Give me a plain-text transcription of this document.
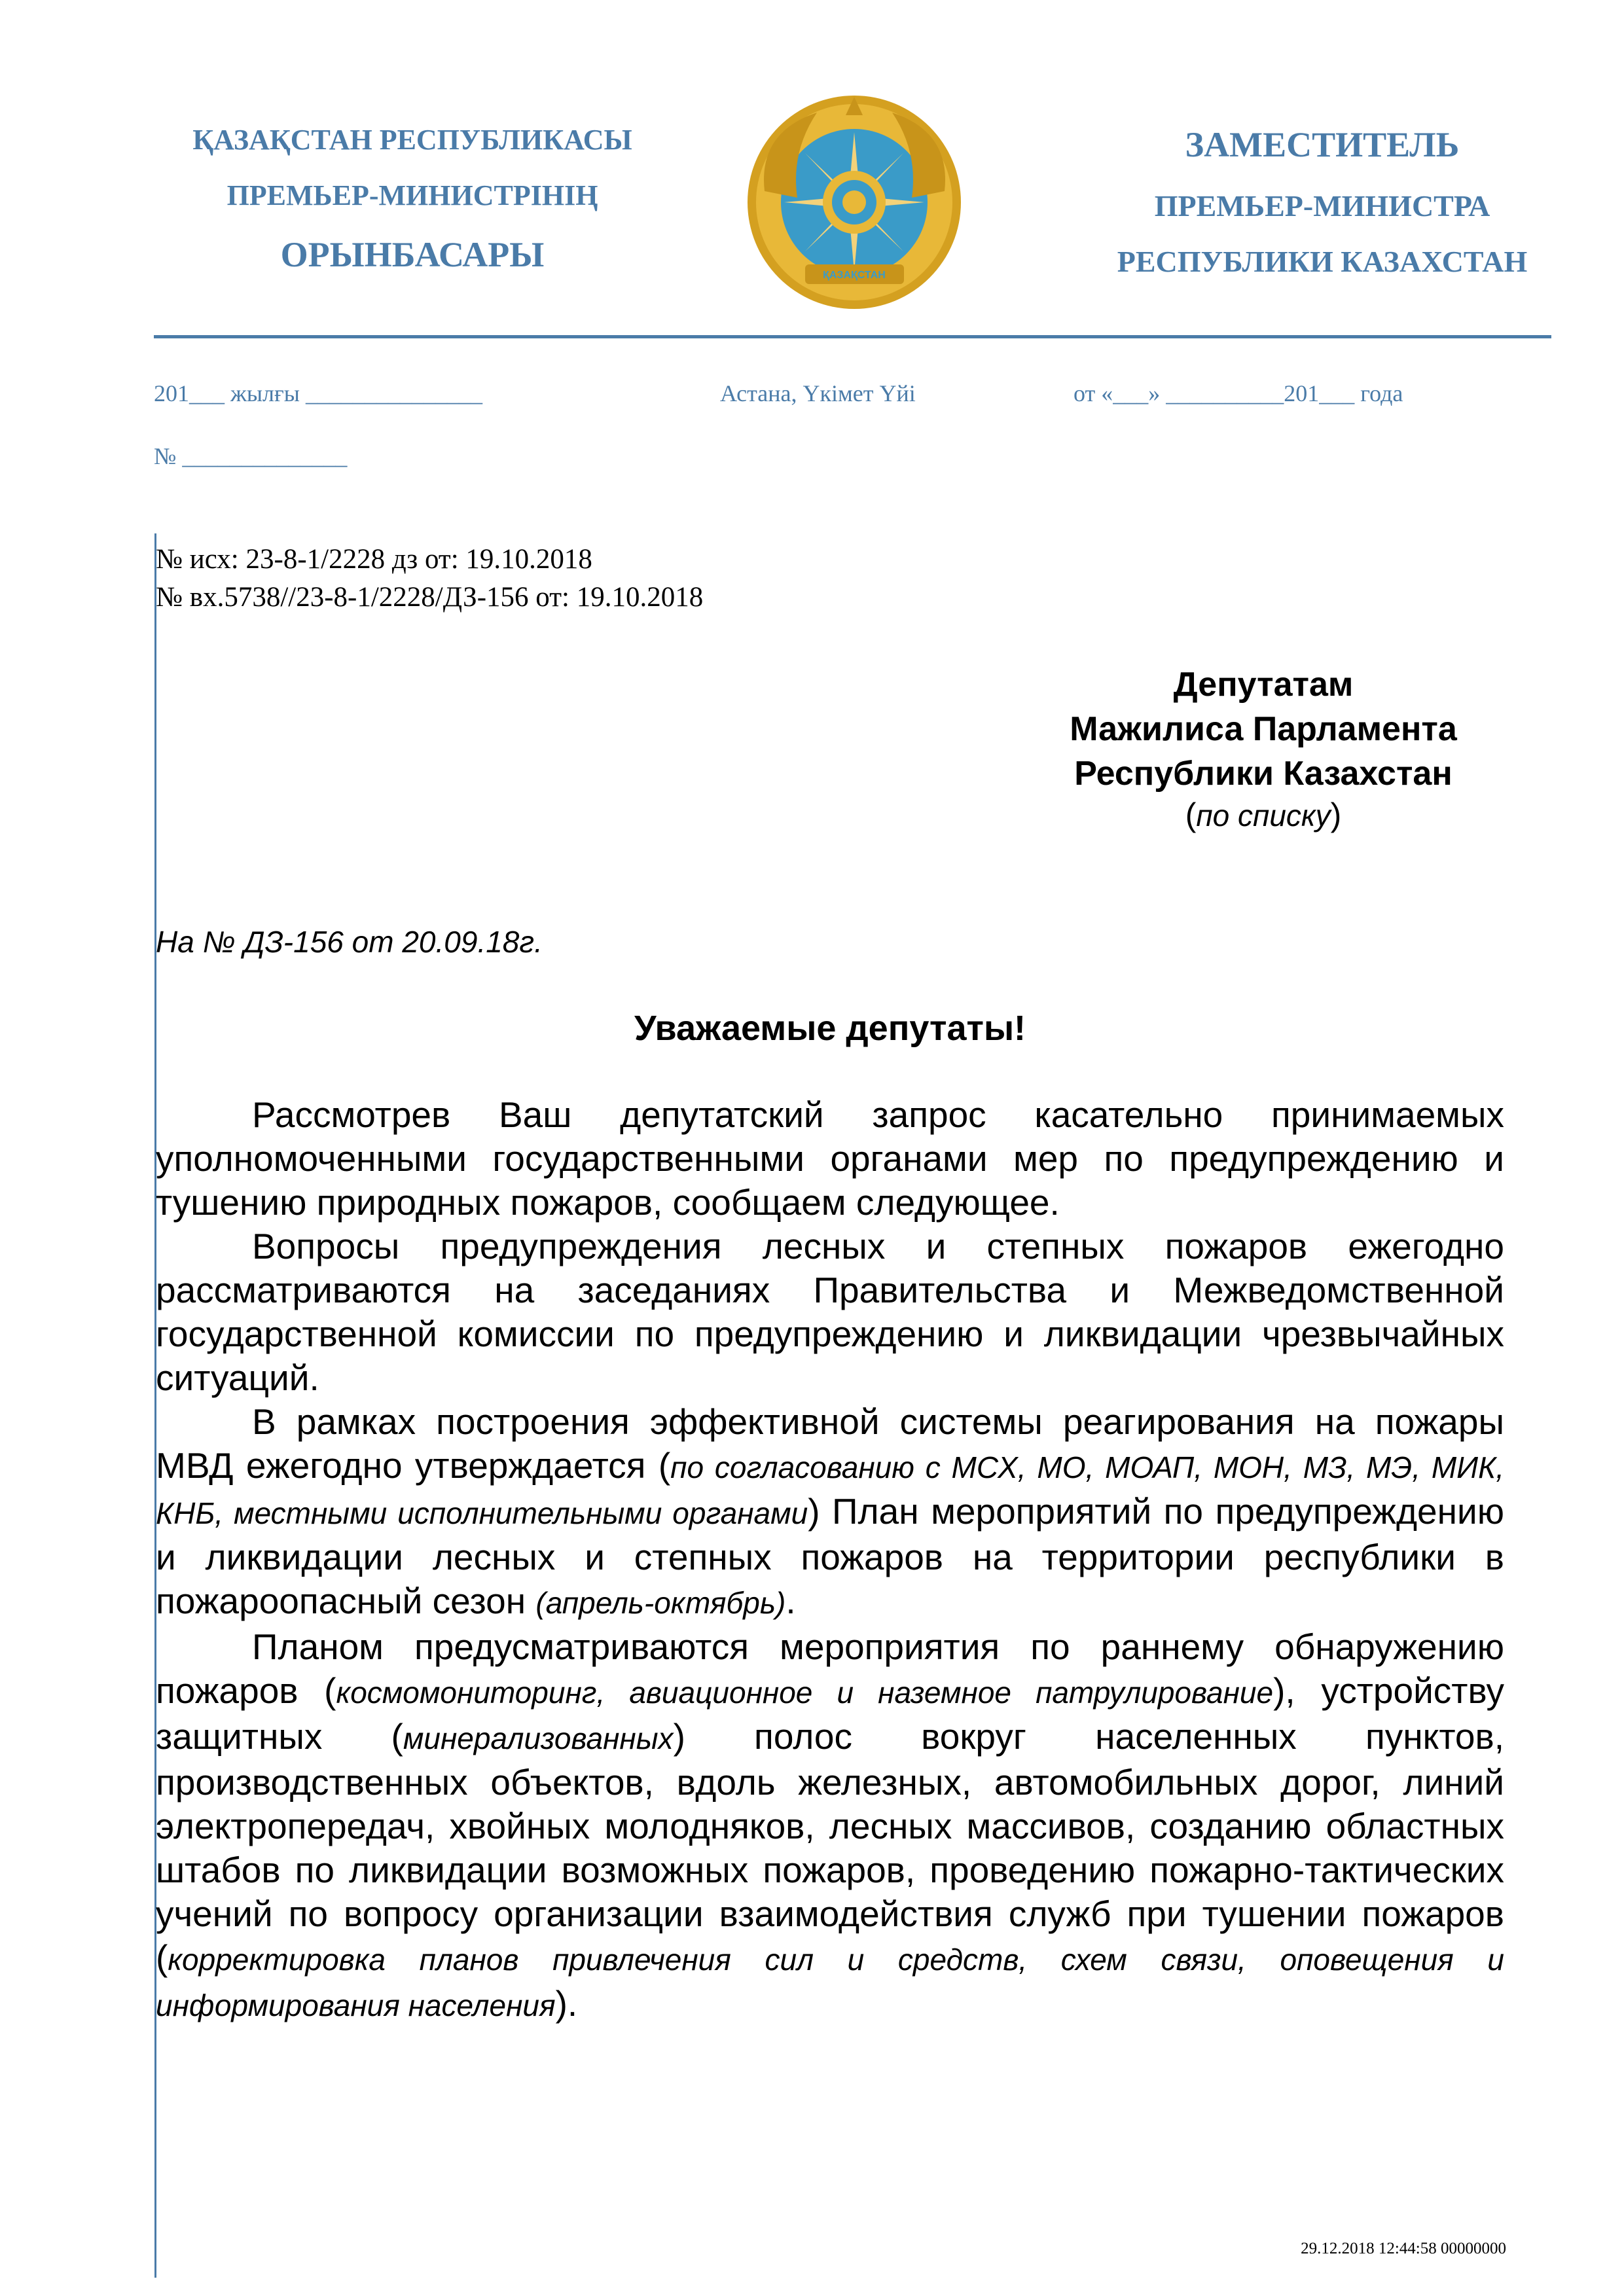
ҚАЗАҚСТАН РЕСПУБЛИКАСЫ
ПРЕМЬЕР-МИНИСТРІНІҢ
ОРЫНБАСАРЫ
ҚАЗАҚСТАН
ЗАМЕСТИТЕЛЬ
ПРЕМЬЕР-МИНИСТРА
РЕСПУБЛИКИ КАЗАХСТАН
201___ жылғы _______________	Астана, Үкімет Үйі	от «___» __________201___ года
№ ______________
№ исх: 23-8-1/2228 дз от: 19.10.2018
№ вх.5738//23-8-1/2228/ДЗ-156 от: 19.10.2018
Депутатам
Мажилиса Парламента
Республики Казахстан
(по списку)
На № ДЗ-156 от 20.09.18г.
Уважаемые депутаты!

Рассмотрев Ваш депутатский запрос касательно принимаемых уполномоченными государственными органами мер по предупреждению и тушению природных пожаров, сообщаем следующее.

Вопросы предупреждения лесных и степных пожаров ежегодно рассматриваются на заседаниях Правительства и Межведомственной государственной комиссии по предупреждению и ликвидации чрезвычайных ситуаций.

В рамках построения эффективной системы реагирования на пожары МВД ежегодно утверждается (по согласованию с МСХ, МО, МОАП, МОН, МЗ, МЭ, МИК, КНБ, местными исполнительными органами) План мероприятий по предупреждению и ликвидации лесных и степных пожаров на территории республики в пожароопасный сезон (апрель-октябрь).

Планом предусматриваются мероприятия по раннему обнаружению пожаров (космомониторинг, авиационное и наземное патрулирование), устройству защитных (минерализованных) полос вокруг населенных пунктов, производственных объектов, вдоль железных, автомобильных дорог, линий электропередач, хвойных молодняков, лесных массивов, созданию областных штабов по ликвидации возможных пожаров, проведению пожарно-тактических учений по вопросу организации взаимодействия служб при тушении пожаров (корректировка планов привлечения сил и средств, схем связи, оповещения и информирования населения).

29.12.2018 12:44:58 00000000
